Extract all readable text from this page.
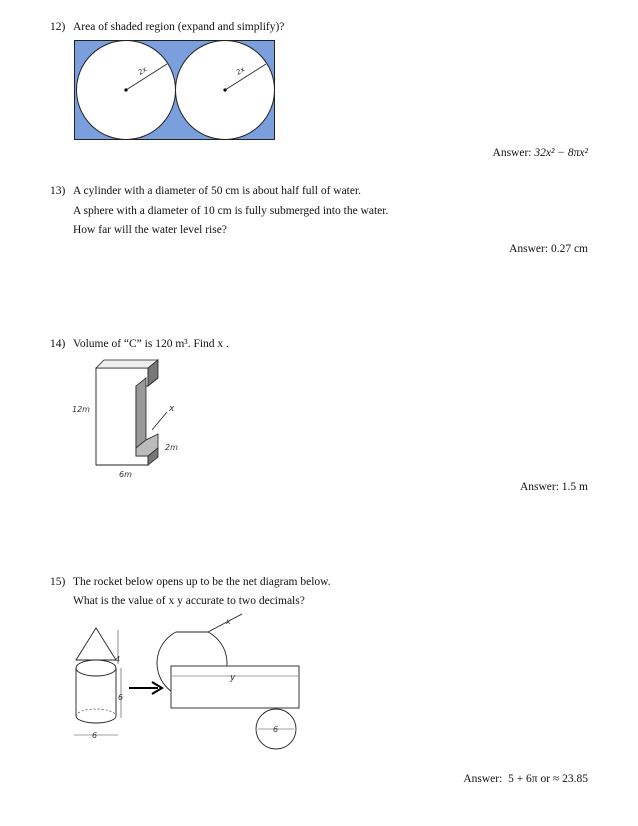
12) Area of shaded region (expand and simplify)?
2x	2x
Answer: 32x² − 8πx²
13) A cylinder with a diameter of 50 cm is about half full of water.
A sphere with a diameter of 10 cm is fully submerged into the water.
How far will the water level rise?
Answer: 0.27 cm
14) Volume of “C” is 120 m³. Find x .
12m	x
2m
6m
Answer: 1.5 m
15) The rocket below opens up to be the net diagram below.
What is the value of x y accurate to two decimals?
4
6
6
x
y
6
Answer: 5 + 6π or ≈ 23.85
